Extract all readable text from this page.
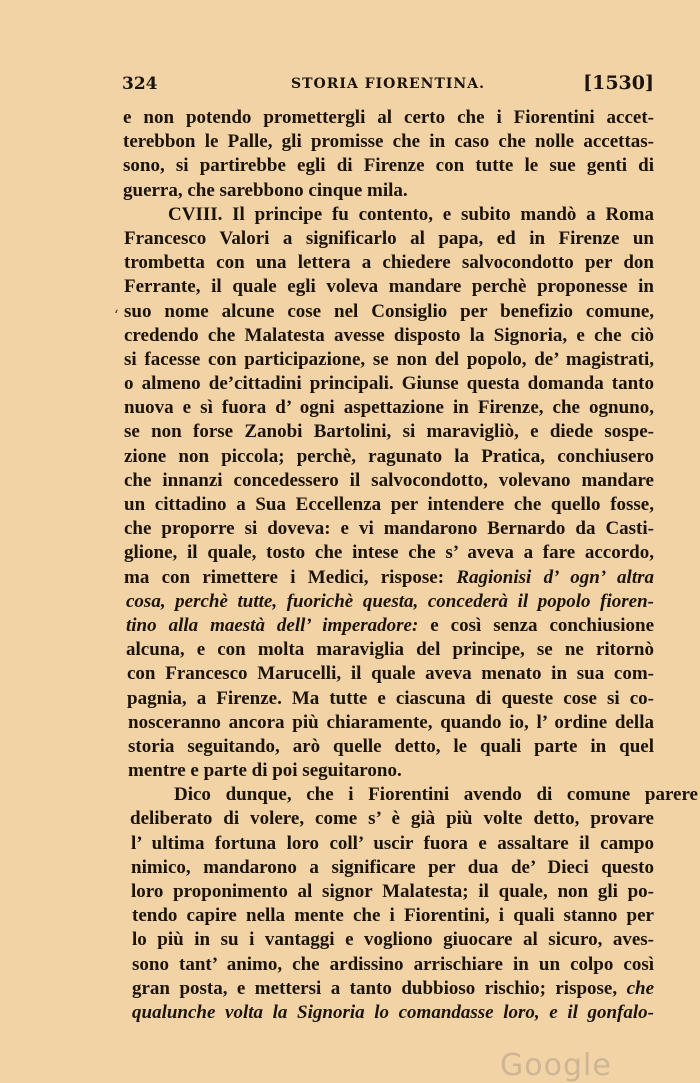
324	STORIA FIORENTINA.	[1530]
‘
e non potendo promettergli al certo che i Fiorentini accet-
terebbon le Palle, gli promisse che in caso che nolle accettas-
sono, si partirebbe egli di Firenze con tutte le sue genti di
guerra, che sarebbono cinque mila.
CVIII. Il principe fu contento, e subito mandò a Roma
Francesco Valori a significarlo al papa, ed in Firenze un
trombetta con una lettera a chiedere salvocondotto per don
Ferrante, il quale egli voleva mandare perchè proponesse in
suo nome alcune cose nel Consiglio per benefizio comune,
credendo che Malatesta avesse disposto la Signoria, e che ciò
si facesse con participazione, se non del popolo, de’ magistrati,
o almeno de’cittadini principali. Giunse questa domanda tanto
nuova e sì fuora d’ ogni aspettazione in Firenze, che ognuno,
se non forse Zanobi Bartolini, si maravigliò, e diede sospe-
zione non piccola; perchè, ragunato la Pratica, conchiusero
che innanzi concedessero il salvocondotto, volevano mandare
un cittadino a Sua Eccellenza per intendere che quello fosse,
che proporre si doveva: e vi mandarono Bernardo da Casti-
glione, il quale, tosto che intese che s’ aveva a fare accordo,
ma con rimettere i Medici, rispose: Ragionisi d’ ogn’ altra
cosa, perchè tutte, fuorichè questa, concederà il popolo fioren-
tino alla maestà dell’ imperadore: e così senza conchiusione
alcuna, e con molta maraviglia del principe, se ne ritornò
con Francesco Marucelli, il quale aveva menato in sua com-
pagnia, a Firenze. Ma tutte e ciascuna di queste cose si co-
nosceranno ancora più chiaramente, quando io, l’ ordine della
storia seguitando, arò quelle detto, le quali parte in quel
mentre e parte di poi seguitarono.
Dico dunque, che i Fiorentini avendo di comune parere
deliberato di volere, come s’ è già più volte detto, provare
l’ ultima fortuna loro coll’ uscir fuora e assaltare il campo
nimico, mandarono a significare per dua de’ Dieci questo
loro proponimento al signor Malatesta; il quale, non gli po-
tendo capire nella mente che i Fiorentini, i quali stanno per
lo più in su i vantaggi e vogliono giuocare al sicuro, aves-
sono tant’ animo, che ardissino arrischiare in un colpo così
gran posta, e mettersi a tanto dubbioso rischio; rispose, che
qualunche volta la Signoria lo comandasse loro, e il gonfalo-
Google
